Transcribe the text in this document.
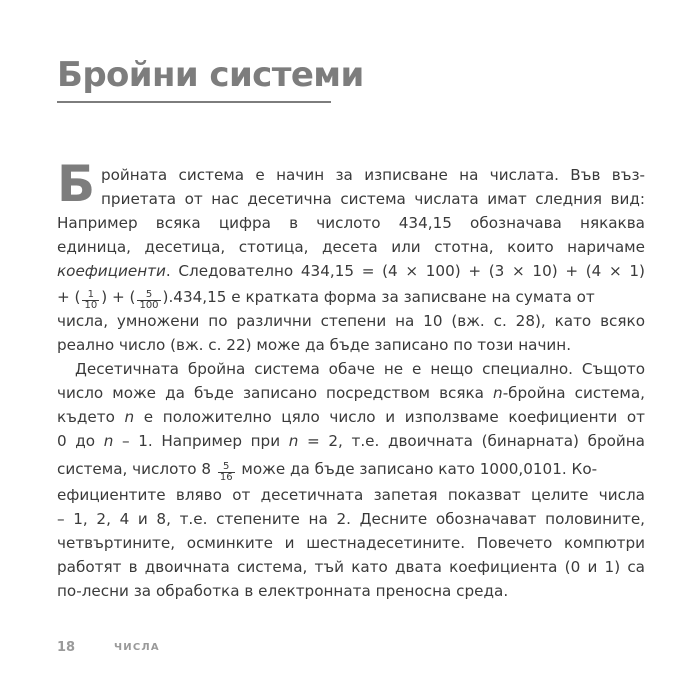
Бройни системи
Б ройната система е начин за изписване на числата. Във въз-
приетата от нас десетична система числата имат следния вид:
Например всяка цифра в числото 434,15 обозначава някаква
единица, десетица, стотица, десета или стотна, които наричаме
коефициенти. Следователно 434,15 = (4 × 100) + (3 × 10) + (4 × 1)
+ ( $\frac{1}{10}$ ) + ( $\frac{5}{100} ).434,15$ е кратката форма за записване на сумата от
числа, умножени по различни степени на 10 (вж. с. 28), като всяко
реално число (вж. с. 22) може да бъде записано по този начин.
Десетичната бройна система обаче не е нещо специално. Същото
число може да бъде записано посредством всяка n-бройна система,
където n е положително цяло число и използваме коефициенти от
0 до n – 1. Например при n = 2, т.е. двоичната (бинарната) бройна
система, числото $8 \frac{5}{16}$ може да бъде записано като 1000,0101. Ко-
ефициентите вляво от десетичната запетая показват целите числа
– 1, 2, 4 и 8, т.е. степените на 2. Десните обозначават половините,
четвъртините, осминките и шестнадесетините. Повечето компютри
работят в двоичната система, тъй като двата коефициента (0 и 1) са
по-лесни за обработка в електронната преносна среда.
18	ЧИСЛА
